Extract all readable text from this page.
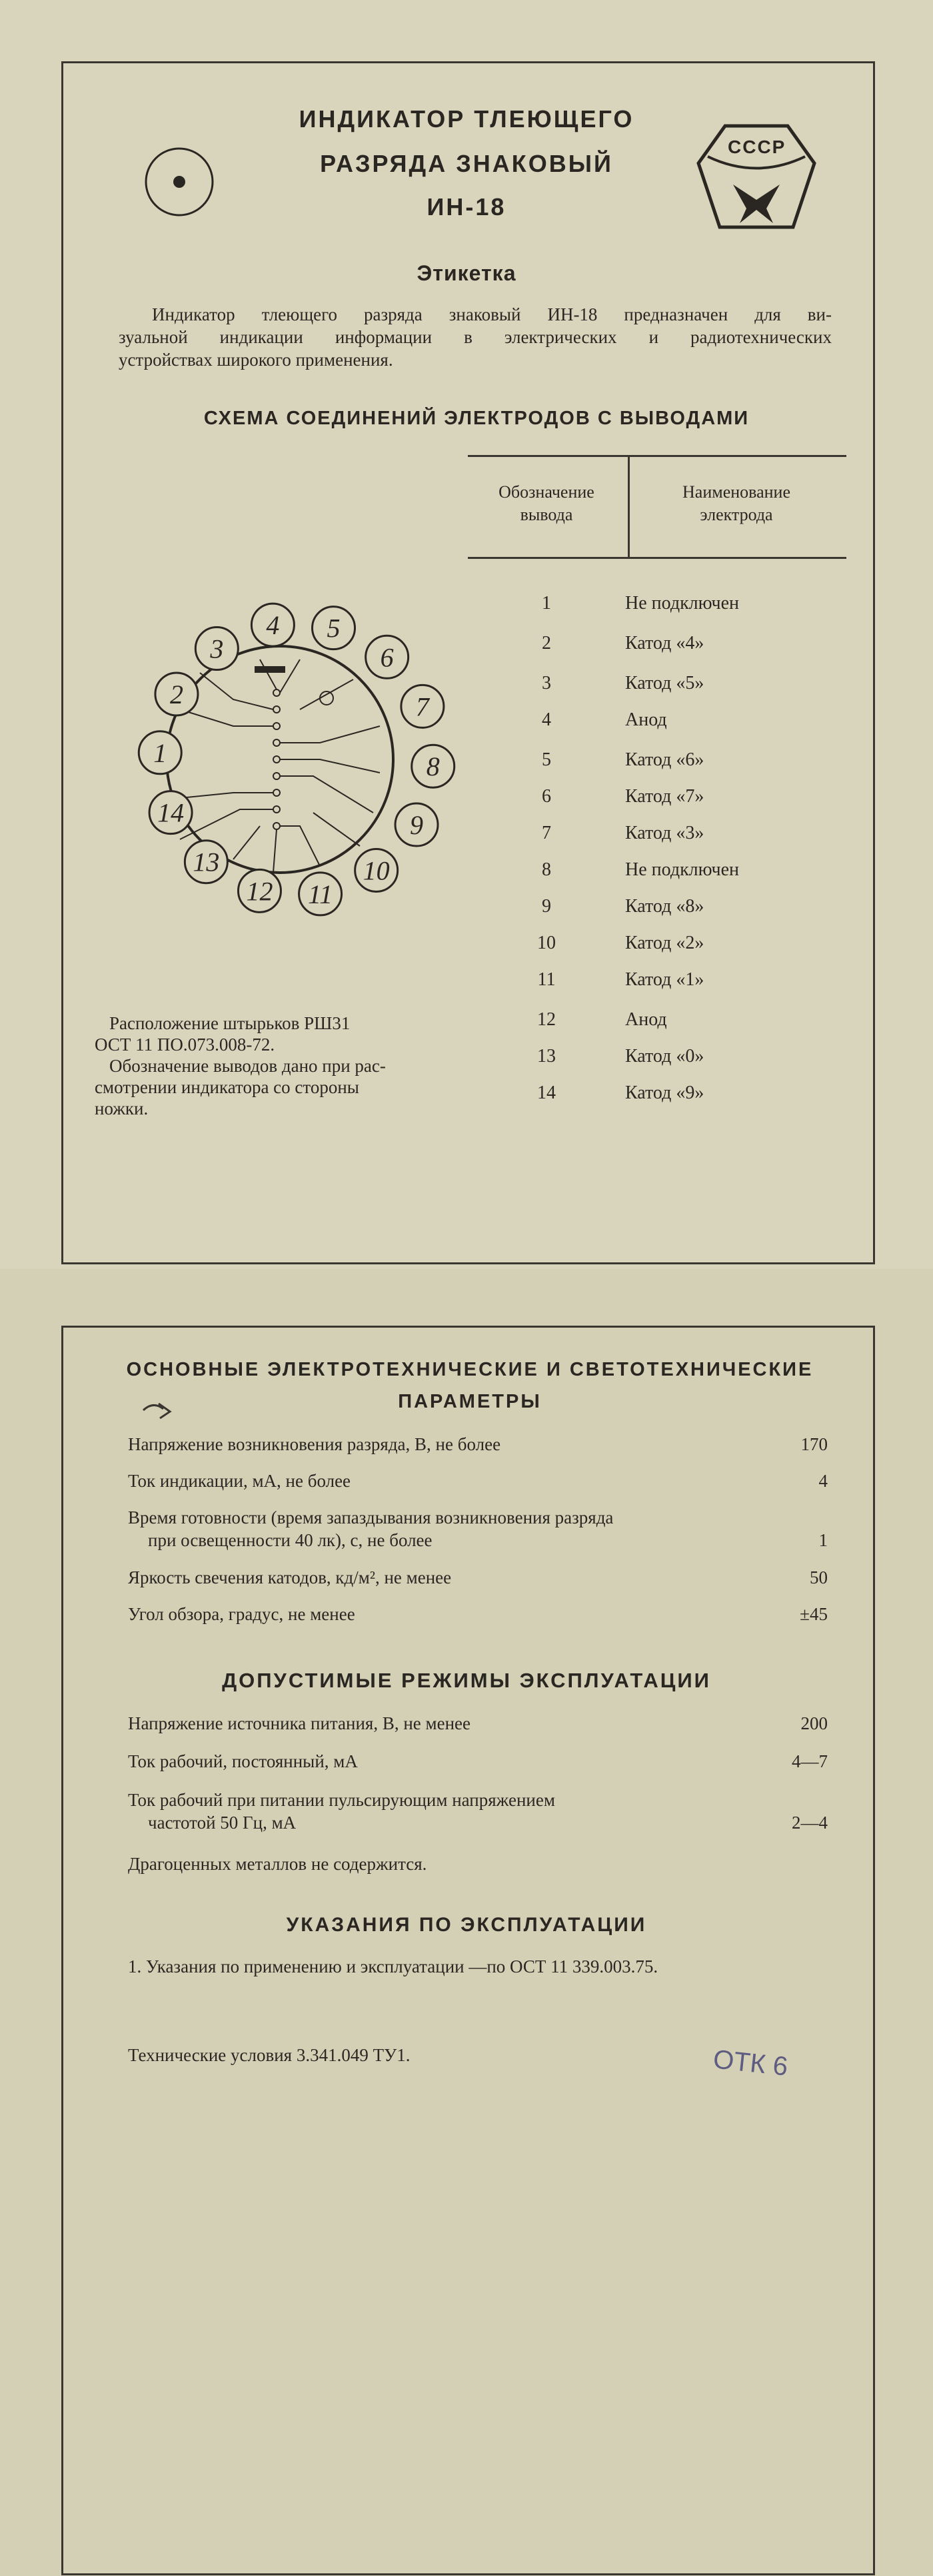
ИНДИКАТОР ТЛЕЮЩЕГО
РАЗРЯДА ЗНАКОВЫЙ
ИН-18
СССР
Этикетка
Индикатор тлеющего разряда знаковый ИН-18 предназначен для ви-
зуальной индикации информации в электрических и радиотехнических
устройствах широкого применения.
СХЕМА СОЕДИНЕНИЙ ЭЛЕКТРОДОВ С ВЫВОДАМИ
Обозначение
вывода
Наименование
электрода
1	Не подключен
2	Катод «4»
3	Катод «5»
4	Анод
5	Катод «6»
6	Катод «7»
7	Катод «3»
8	Не подключен
9	Катод «8»
10	Катод «2»
11	Катод «1»
12	Анод
13	Катод «0»
14	Катод «9»
4 5
6
7
8
9
10
11
12
13
14
1
2
3
Расположение штырьков РШ31
ОСТ 11 ПО.073.008-72.
Обозначение выводов дано при рас-
смотрении индикатора со стороны
ножки.
ОСНОВНЫЕ ЭЛЕКТРОТЕХНИЧЕСКИЕ И СВЕТОТЕХНИЧЕСКИЕ
ПАРАМЕТРЫ
Напряжение возникновения разряда, В, не более	170
Ток индикации, мА, не более	4
Время готовности (время запаздывания возникновения разряда
при освещенности 40 лк), с, не более	1
Яркость свечения катодов, кд/м², не менее	50
Угол обзора, градус, не менее	±45
ДОПУСТИМЫЕ РЕЖИМЫ ЭКСПЛУАТАЦИИ
Напряжение источника питания, В, не менее	200
Ток рабочий, постоянный, мА	4—7
Ток рабочий при питании пульсирующим напряжением
частотой 50 Гц, мА	2—4
Драгоценных металлов не содержится.
УКАЗАНИЯ ПО ЭКСПЛУАТАЦИИ
1. Указания по применению и эксплуатации —по ОСТ 11 339.003.75.
Технические условия 3.341.049 ТУ1.	ОТК 6
